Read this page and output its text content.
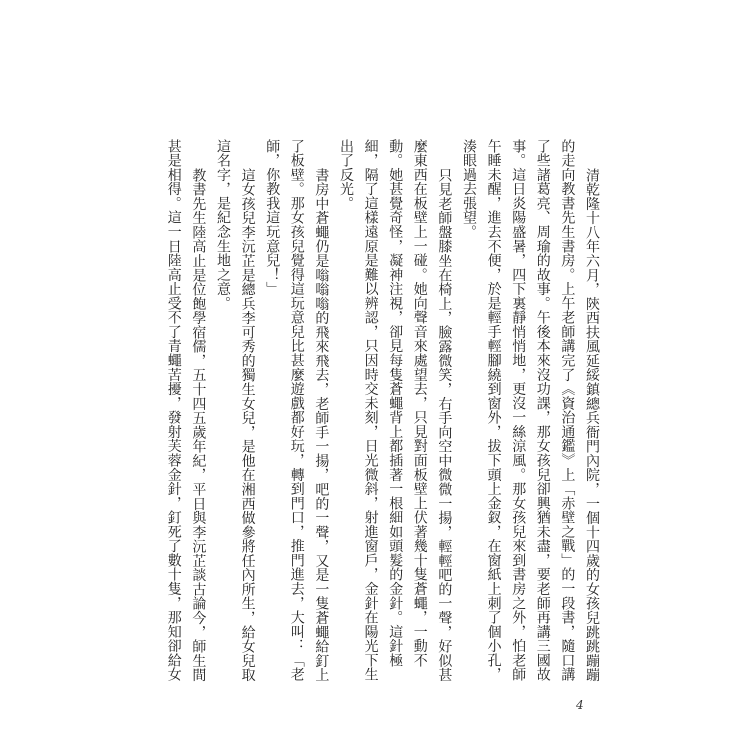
清乾隆十八年六月，陝西扶風延綏鎮總兵衙門內院，一個十四歲的女孩兒跳跳蹦蹦
的走向教書先生書房。上午老師講完了《資治通鑑》上「赤壁之戰」的一段書，隨口講
了些諸葛亮、周瑜的故事。午後本來沒功課，那女孩兒卻興猶未盡，要老師再講三國故
事。這日炎陽盛暑，四下裏靜悄悄地，更沒一絲涼風。那女孩兒來到書房之外，怕老師
午睡未醒，進去不便，於是輕手輕腳繞到窗外，拔下頭上金釵，在窗紙上刺了個小孔，
湊眼過去張望。
只見老師盤膝坐在椅上，臉露微笑，右手向空中微微一揚，輕輕吧的一聲，好似甚
麼東西在板壁上一碰。她向聲音來處望去，只見對面板壁上伏著幾十隻蒼蠅，一動不
動。她甚覺奇怪，凝神注視，卻見每隻蒼蠅背上都插著一根細如頭髮的金針。這針極
細，隔了這樣遠原是難以辨認，只因時交未刻，日光微斜，射進窗戶，金針在陽光下生
出了反光。
書房中蒼蠅仍是嗡嗡嗡的飛來飛去，老師手一揚，吧的一聲，又是一隻蒼蠅給釘上
了板壁。那女孩兒覺得這玩意兒比甚麼遊戲都好玩，轉到門口，推門進去，大叫：「老
師，你教我這玩意兒！」
這女孩兒李沅芷是總兵李可秀的獨生女兒，是他在湘西做參將任內所生，給女兒取
這名字，是紀念生地之意。
教書先生陸高止是位飽學宿儒，五十四五歲年紀，平日與李沅芷談古論今，師生間
甚是相得。這一日陸高止受不了青蠅苦擾，發射芙蓉金針，釘死了數十隻，那知卻給女
4
